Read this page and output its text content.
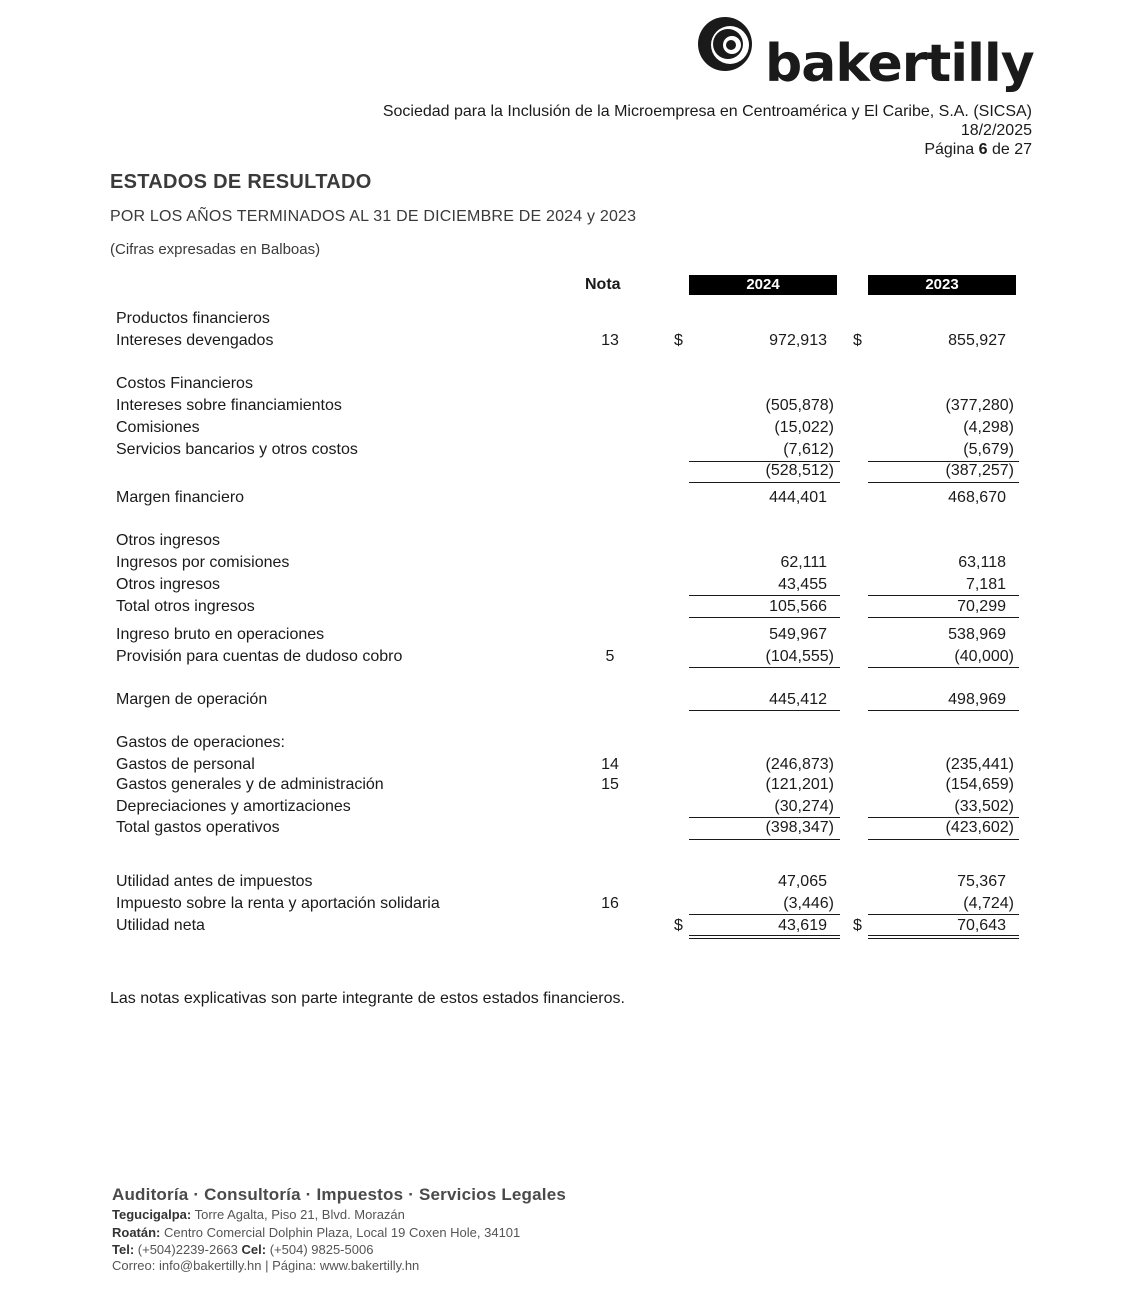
bakertilly
Sociedad para la Inclusión de la Microempresa en Centroamérica y El Caribe, S.A. (SICSA)
18/2/2025
Página 6 de 27
ESTADOS DE RESULTADO
POR LOS AÑOS TERMINADOS AL 31 DE DICIEMBRE DE 2024 y 2023
(Cifras expresadas en Balboas)
Nota	2024	2023
Productos financieros
Intereses devengados	13	$	972,913 $	855,927
Costos Financieros
Intereses sobre financiamientos	(505,878)	(377,280)
Comisiones	(15,022)	(4,298)
Servicios bancarios y otros costos	(7,612)	(5,679)
(528,512)	(387,257)
Margen financiero	444,401	468,670
Otros ingresos
Ingresos por comisiones	62,111	63,118
Otros ingresos	43,455	7,181
Total otros ingresos	105,566	70,299
Ingreso bruto en operaciones	549,967	538,969
Provisión para cuentas de dudoso cobro	5	(104,555)	(40,000)
Margen de operación	445,412	498,969
Gastos de operaciones:
Gastos de personal	14	(246,873)	(235,441)
Gastos generales y de administración	15	(121,201)	(154,659)
Depreciaciones y amortizaciones	(30,274)	(33,502)
Total gastos operativos	(398,347)	(423,602)
Utilidad antes de impuestos	47,065	75,367
Impuesto sobre la renta y aportación solidaria	16	(3,446)	(4,724)
Utilidad neta	$	43,619 $	70,643
Las notas explicativas son parte integrante de estos estados financieros.
Auditoría · Consultoría · Impuestos · Servicios Legales
Tegucigalpa: Torre Agalta, Piso 21, Blvd. Morazán
Roatán: Centro Comercial Dolphin Plaza, Local 19 Coxen Hole, 34101
Tel: (+504)2239-2663 Cel: (+504) 9825-5006
Correo: info@bakertilly.hn | Página: www.bakertilly.hn
